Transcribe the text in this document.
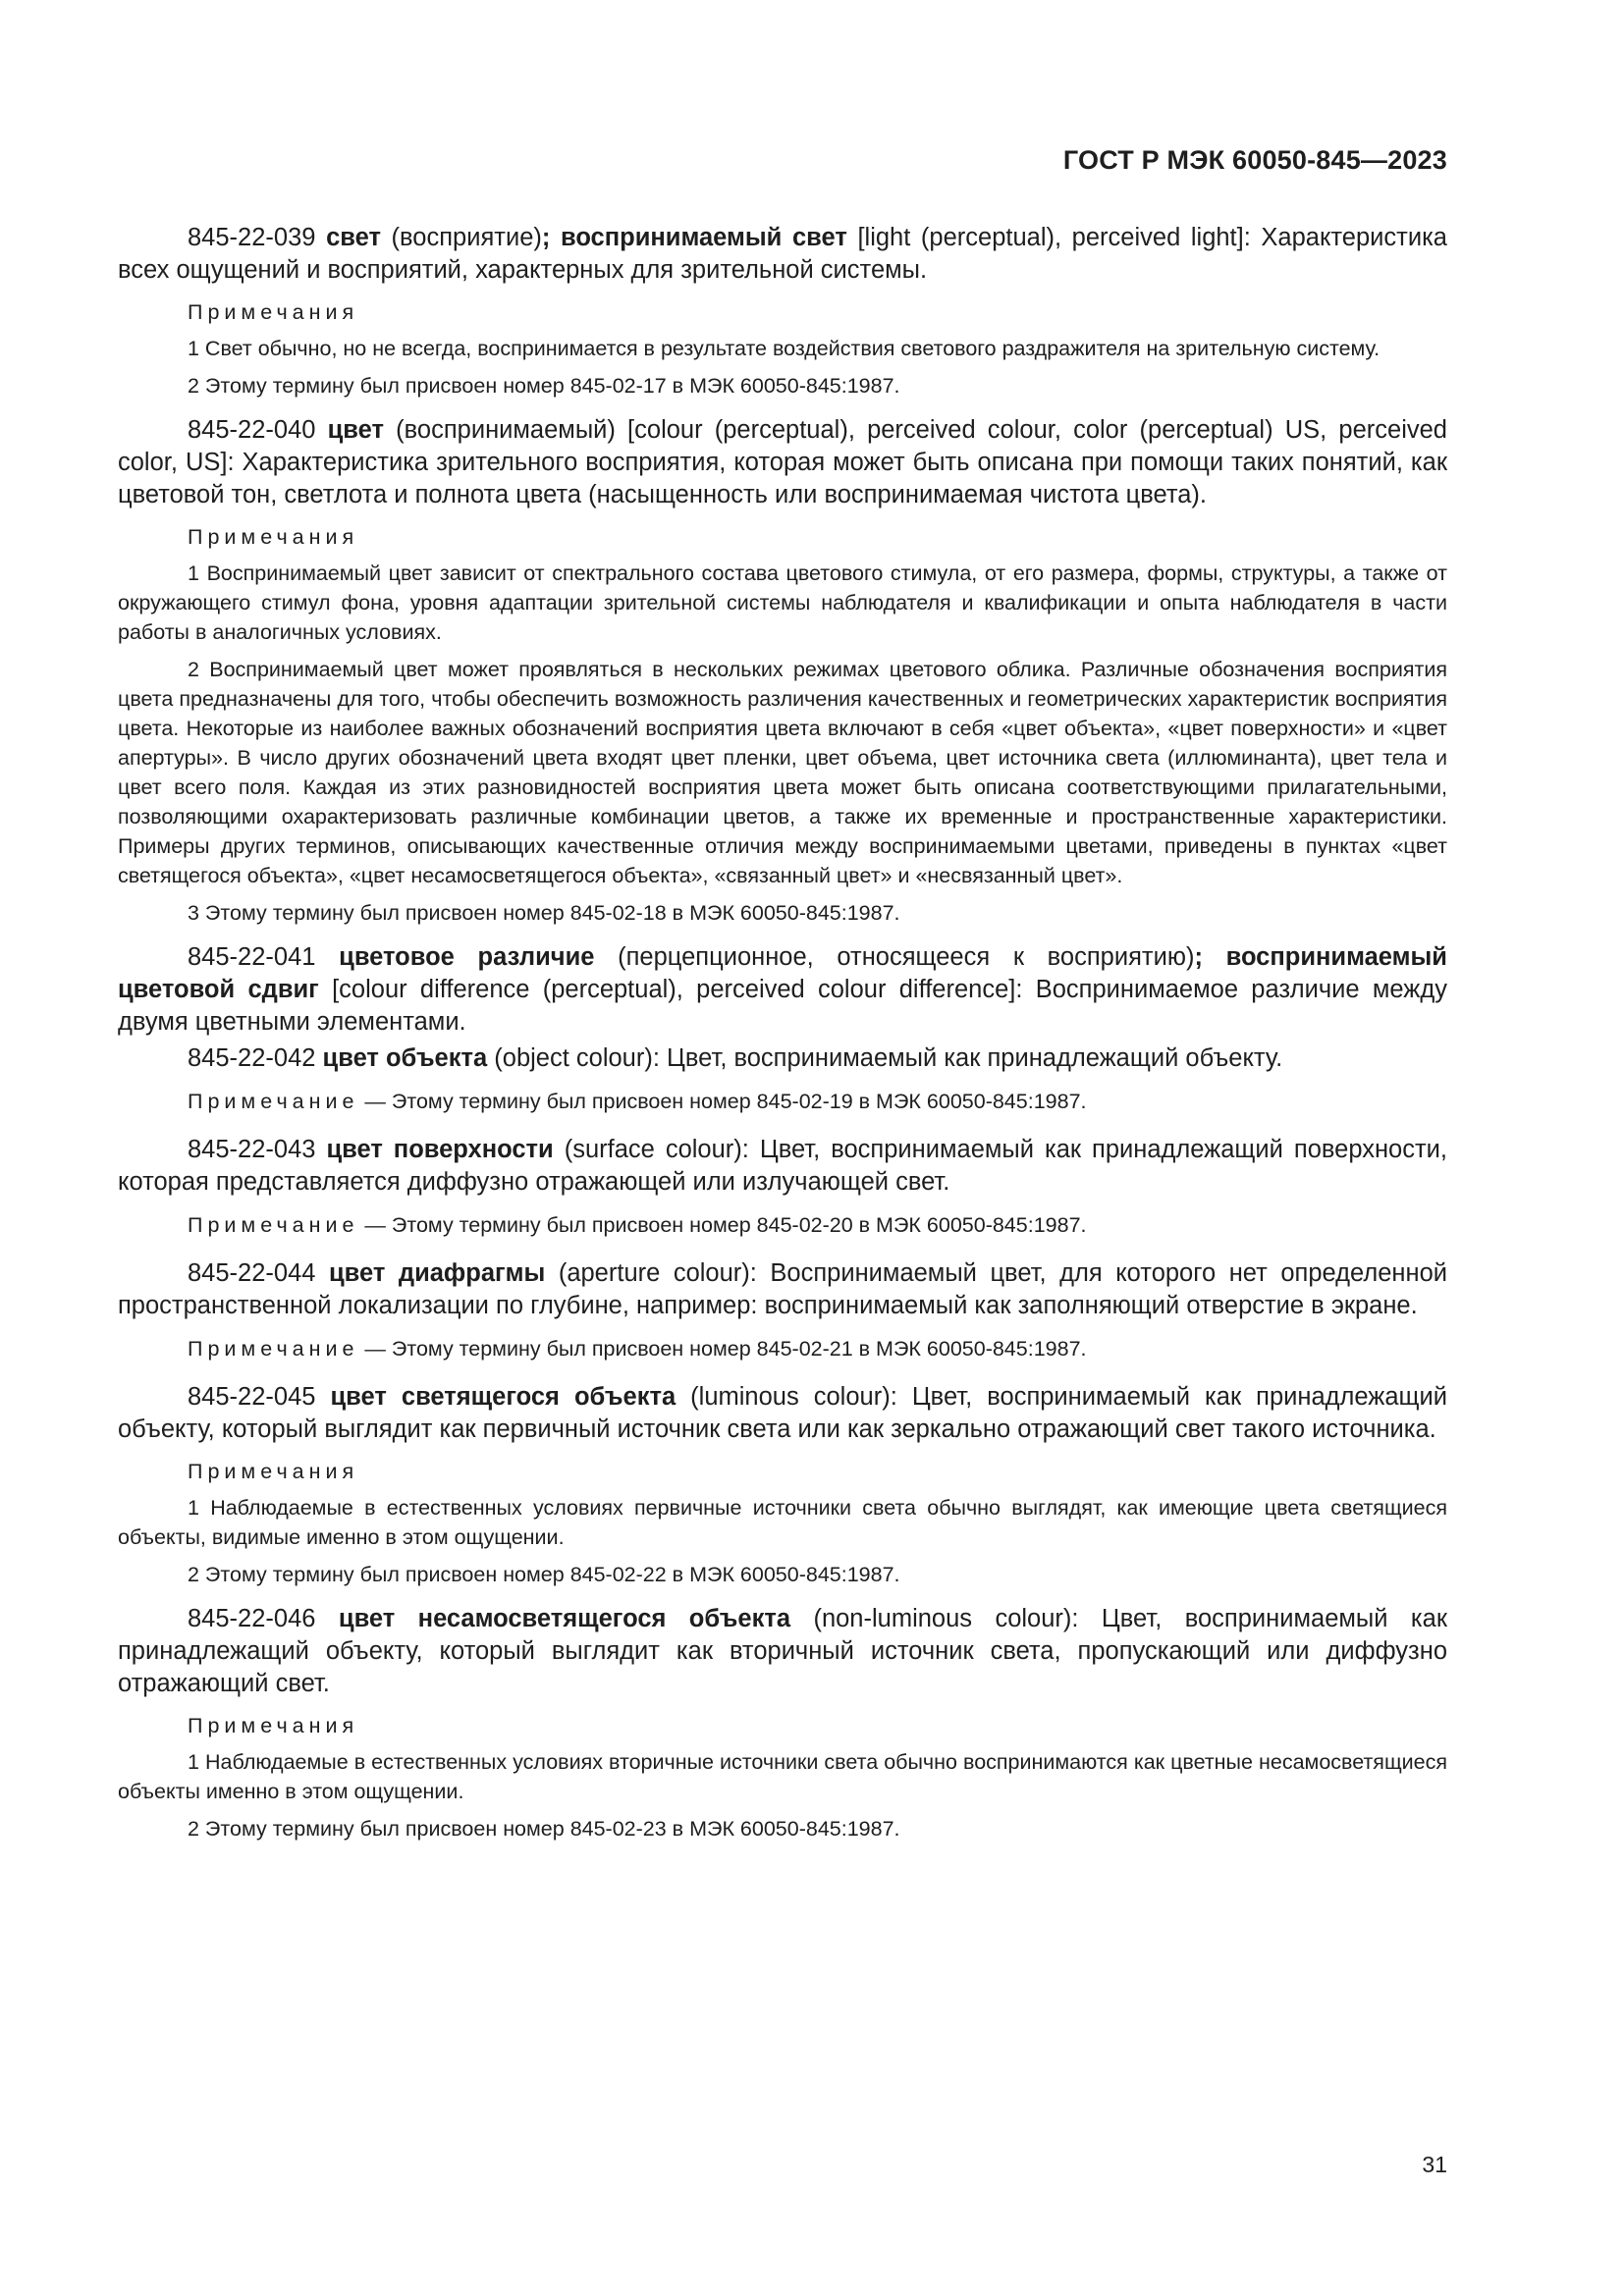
ГОСТ Р МЭК 60050-845—2023

845-22-039 свет (восприятие); воспринимаемый свет [light (perceptual), perceived light]: Характеристика всех ощущений и восприятий, характерных для зрительной системы.

Примечания

1 Свет обычно, но не всегда, воспринимается в результате воздействия светового раздражителя на зрительную систему.

2 Этому термину был присвоен номер 845-02-17 в МЭК 60050-845:1987.

845-22-040 цвет (воспринимаемый) [colour (perceptual), perceived colour, color (perceptual) US, perceived color, US]: Характеристика зрительного восприятия, которая может быть описана при помощи таких понятий, как цветовой тон, светлота и полнота цвета (насыщенность или воспринимаемая чистота цвета).

Примечания

1 Воспринимаемый цвет зависит от спектрального состава цветового стимула, от его размера, формы, структуры, а также от окружающего стимул фона, уровня адаптации зрительной системы наблюдателя и квалификации и опыта наблюдателя в части работы в аналогичных условиях.

2 Воспринимаемый цвет может проявляться в нескольких режимах цветового облика. Различные обозначения восприятия цвета предназначены для того, чтобы обеспечить возможность различения качественных и геометрических характеристик восприятия цвета. Некоторые из наиболее важных обозначений восприятия цвета включают в себя «цвет объекта», «цвет поверхности» и «цвет апертуры». В число других обозначений цвета входят цвет пленки, цвет объема, цвет источника света (иллюминанта), цвет тела и цвет всего поля. Каждая из этих разновидностей восприятия цвета может быть описана соответствующими прилагательными, позволяющими охарактеризовать различные комбинации цветов, а также их временные и пространственные характеристики. Примеры других терминов, описывающих качественные отличия между воспринимаемыми цветами, приведены в пунктах «цвет светящегося объекта», «цвет несамосветящегося объекта», «связанный цвет» и «несвязанный цвет».

3 Этому термину был присвоен номер 845-02-18 в МЭК 60050-845:1987.

845-22-041 цветовое различие (перцепционное, относящееся к восприятию); воспринимаемый цветовой сдвиг [colour difference (perceptual), perceived colour difference]: Воспринимаемое различие между двумя цветными элементами.

845-22-042 цвет объекта (object colour): Цвет, воспринимаемый как принадлежащий объекту.

Примечание — Этому термину был присвоен номер 845-02-19 в МЭК 60050-845:1987.

845-22-043 цвет поверхности (surface colour): Цвет, воспринимаемый как принадлежащий поверхности, которая представляется диффузно отражающей или излучающей свет.

Примечание — Этому термину был присвоен номер 845-02-20 в МЭК 60050-845:1987.

845-22-044 цвет диафрагмы (aperture colour): Воспринимаемый цвет, для которого нет определенной пространственной локализации по глубине, например: воспринимаемый как заполняющий отверстие в экране.

Примечание — Этому термину был присвоен номер 845-02-21 в МЭК 60050-845:1987.

845-22-045 цвет светящегося объекта (luminous colour): Цвет, воспринимаемый как принадлежащий объекту, который выглядит как первичный источник света или как зеркально отражающий свет такого источника.

Примечания

1 Наблюдаемые в естественных условиях первичные источники света обычно выглядят, как имеющие цвета светящиеся объекты, видимые именно в этом ощущении.

2 Этому термину был присвоен номер 845-02-22 в МЭК 60050-845:1987.

845-22-046 цвет несамосветящегося объекта (non-luminous colour): Цвет, воспринимаемый как принадлежащий объекту, который выглядит как вторичный источник света, пропускающий или диффузно отражающий свет.

Примечания

1 Наблюдаемые в естественных условиях вторичные источники света обычно воспринимаются как цветные несамосветящиеся объекты именно в этом ощущении.

2 Этому термину был присвоен номер 845-02-23 в МЭК 60050-845:1987.

31
